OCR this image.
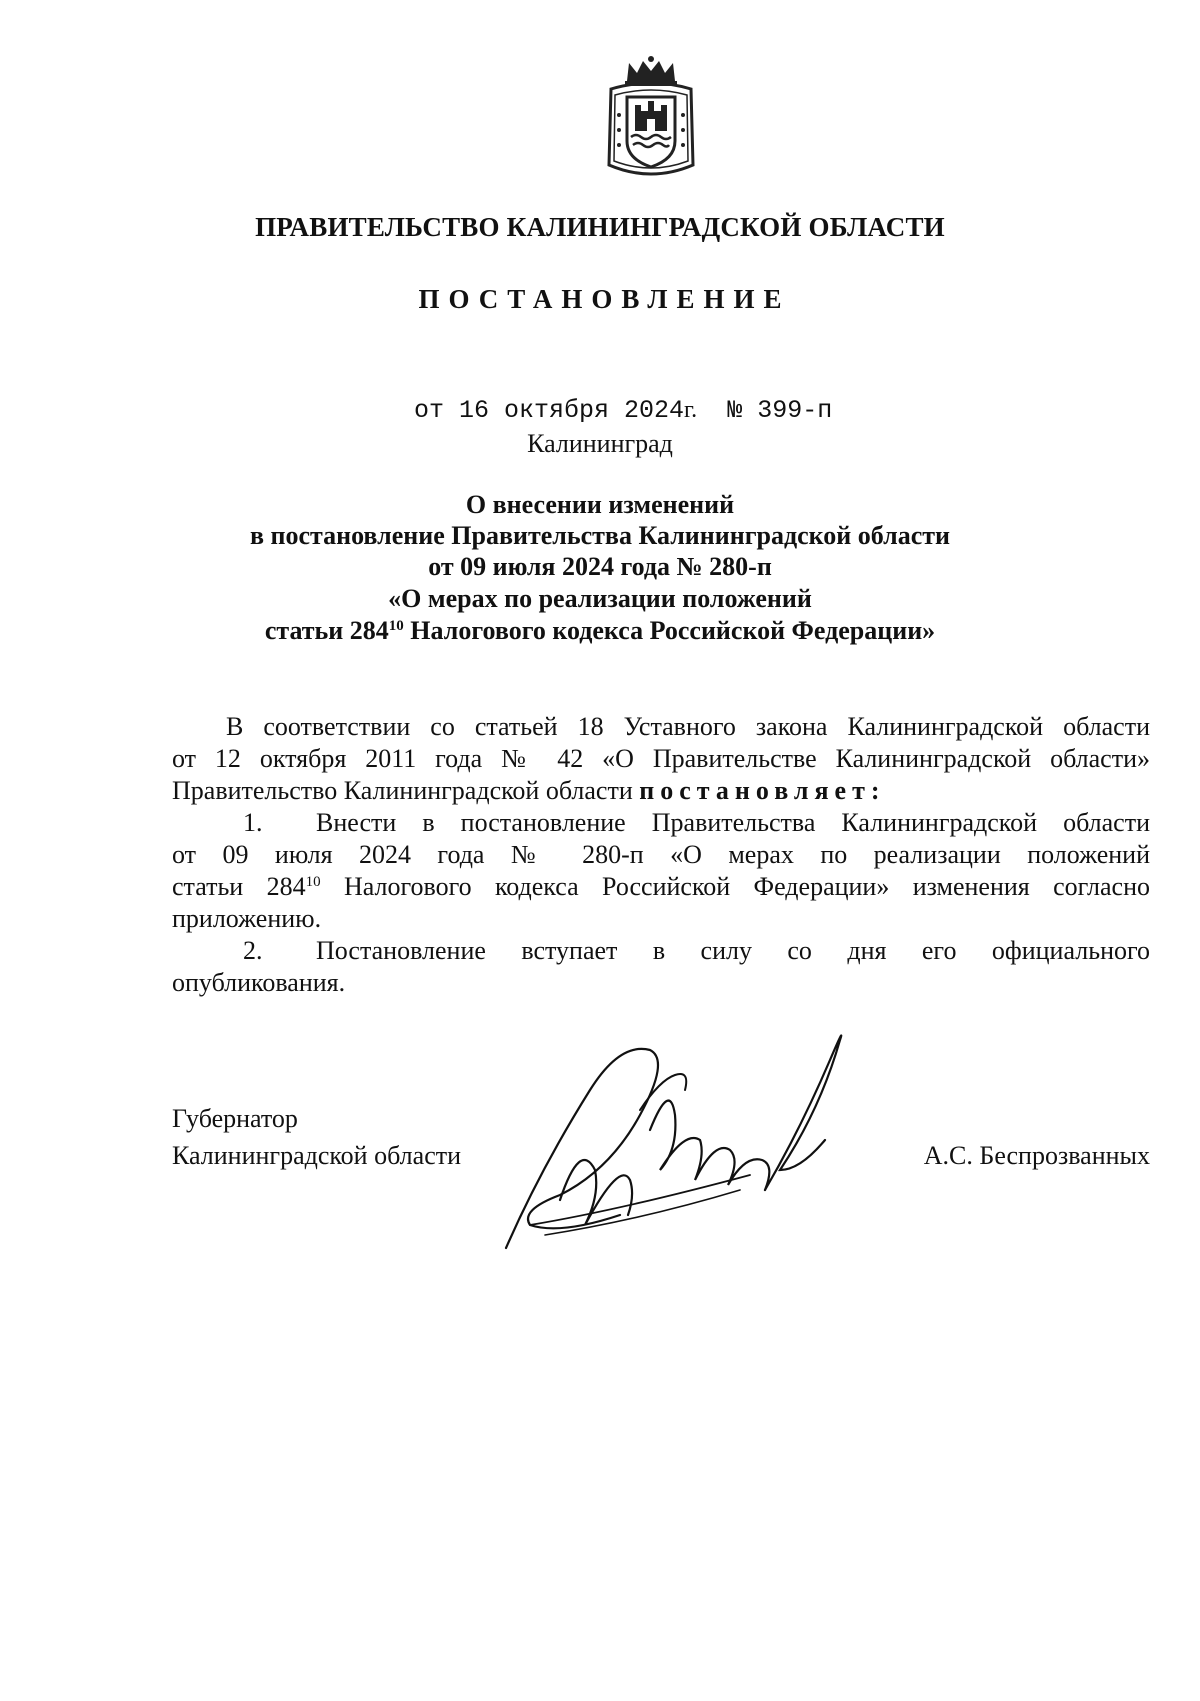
ПРАВИТЕЛЬСТВО КАЛИНИНГРАДСКОЙ ОБЛАСТИ
ПОСТАНОВЛЕНИЕ
от 16 октября 2024г. № 399-п
Калининград
О внесении изменений
в постановление Правительства Калининградской области
от 09 июля 2024 года № 280-п
«О мерах по реализации положений
статьи $284^{10}$ Налогового кодекса Российской Федерации»
В соответствии со статьей 18 Уставного закона Калининградской области
от 12 октября 2011 года № 42 «О Правительстве Калининградской области»
Правительство Калининградской области постановляет:
1. Внести в постановление Правительства Калининградской области
от 09 июля 2024 года № 280-п «О мерах по реализации положений
статьи $284^{10}$ Налогового кодекса Российской Федерации» изменения согласно
приложению.
2. Постановление вступает в силу со дня его официального
опубликования.
Губернатор
Калининградской области	А.С. Беспрозванных
